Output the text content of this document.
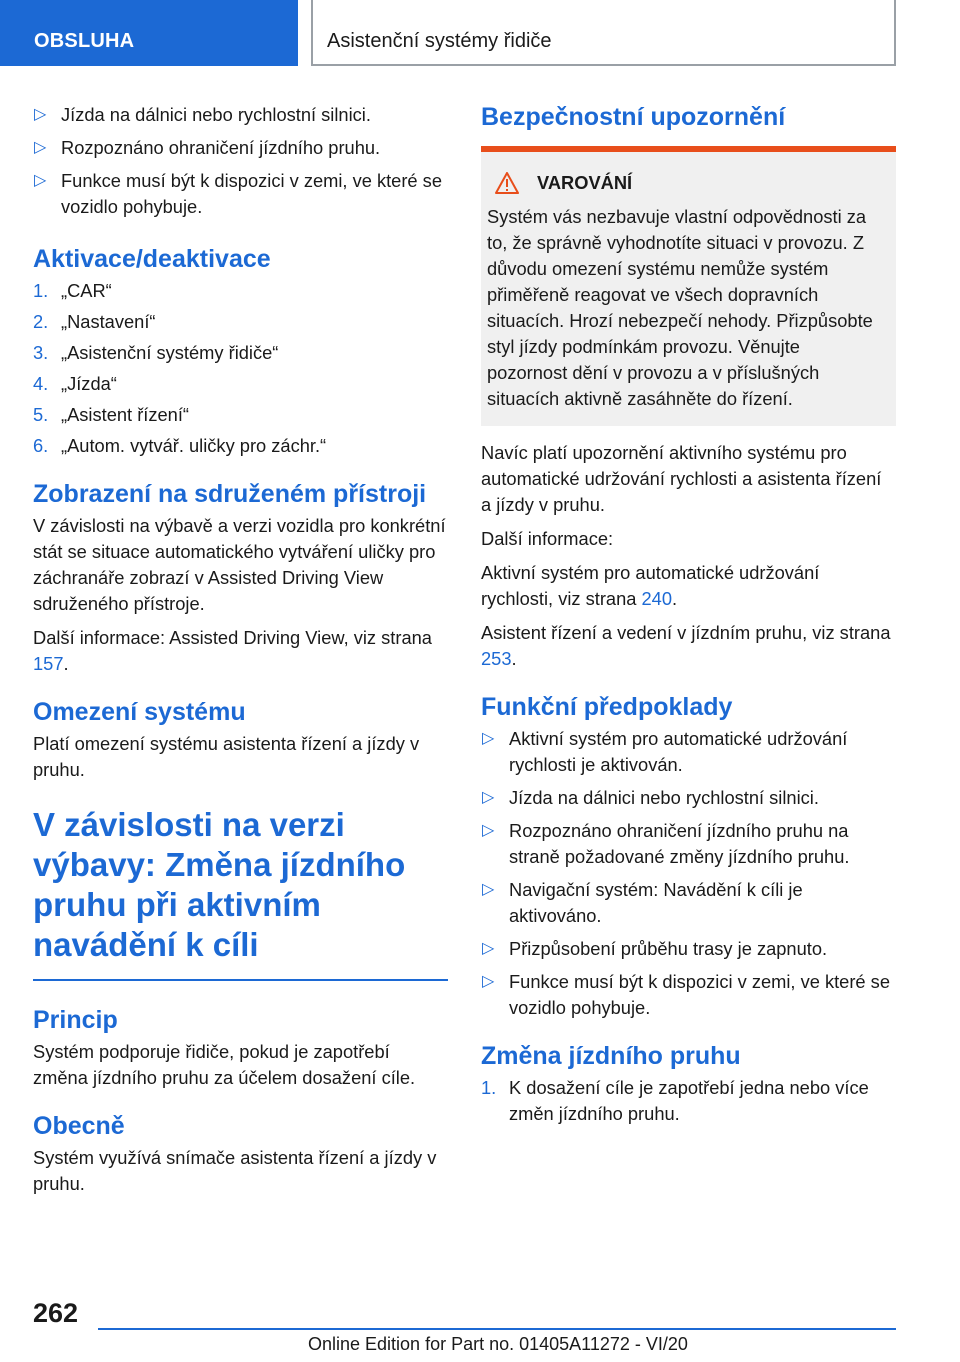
OBSLUHA	Asistenční systémy řidiče
▷ Jízda na dálnici nebo rychlostní silnici.
▷ Rozpoznáno ohraničení jízdního pruhu.
▷ Funkce musí být k dispozici v zemi, ve které se vozidlo pohybuje.
Aktivace/deaktivace
1. „CAR“
2. „Nastavení“
3. „Asistenční systémy řidiče“
4. „Jízda“
5. „Asistent řízení“
6. „Autom. vytvář. uličky pro záchr.“
Zobrazení na sdruženém přístroji

V závislosti na výbavě a verzi vozidla pro konkrétní stát se situace automatického vytváření uličky pro záchranáře zobrazí v Assisted Driving View sdruženého přístroje.

Další informace: Assisted Driving View, viz strana 157.

Omezení systému

Platí omezení systému asistenta řízení a jízdy v pruhu.

V závislosti na verzi výbavy: Změna jízdního pruhu při aktivním navádění k cíli
Princip

Systém podporuje řidiče, pokud je zapotřebí změna jízdního pruhu za účelem dosažení cíle.

Obecně

Systém využívá snímače asistenta řízení a jízdy v pruhu.

Bezpečnostní upozornění
VAROVÁNÍ

Systém vás nezbavuje vlastní odpovědnosti za to, že správně vyhodnotíte situaci v provozu. Z důvodu omezení systému nemůže systém přiměřeně reagovat ve všech dopravních situacích. Hrozí nebezpečí nehody. Přizpůsobte styl jízdy podmínkám provozu. Věnujte pozornost dění v provozu a v příslušných situacích aktivně zasáhněte do řízení.

Navíc platí upozornění aktivního systému pro automatické udržování rychlosti a asistenta řízení a jízdy v pruhu.

Další informace:

Aktivní systém pro automatické udržování rychlosti, viz strana 240.

Asistent řízení a vedení v jízdním pruhu, viz strana 253.

Funkční předpoklady
▷ Aktivní systém pro automatické udržování rychlosti je aktivován.
▷ Jízda na dálnici nebo rychlostní silnici.
▷ Rozpoznáno ohraničení jízdního pruhu na straně požadované změny jízdního pruhu.
▷ Navigační systém: Navádění k cíli je aktivováno.
▷ Přizpůsobení průběhu trasy je zapnuto.
▷ Funkce musí být k dispozici v zemi, ve které se vozidlo pohybuje.
Změna jízdního pruhu
1. K dosažení cíle je zapotřebí jedna nebo více změn jízdního pruhu.
262
Online Edition for Part no. 01405A11272 - VI/20
